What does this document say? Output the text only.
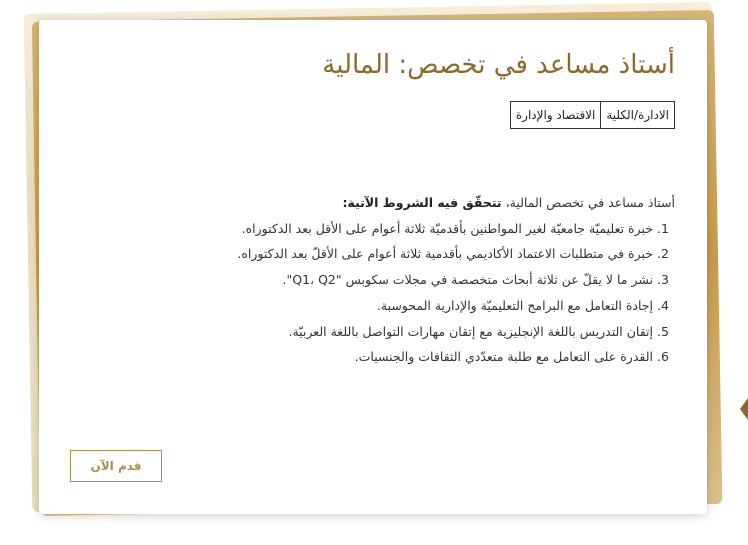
أستاذ مساعد في تخصص: المالية
الادارة/الكلية
الاقتصاد والإدارة
أستاذ مساعد في تخصص المالية، تتحقّق فيه الشروط الآتية:
1. خبرة تعليميّة جامعيّة لغير المواطنين بأقدميّة ثلاثة أعوام على الأقل بعد الدكتوراه.
2. خبرة في متطلبات الاعتماد الأكاديمي بأقدمية ثلاثة أعوام على الأقلّ بعد الدكتوراه.
3. نشر ما لا يقلّ عن ثلاثة أبحاث متخصصة في مجلات سكوبس "Q1، Q2".
4. إجادة التعامل مع البرامج التعليميّة والإدارية المحوسبة.
5. إتقان التدريس باللغة الإنجليزية مع إتقان مهارات التواصل باللغة العربيّة.
6. القدرة على التعامل مع طلبة متعدّدي الثقافات والجنسيات.
قدم الآن
